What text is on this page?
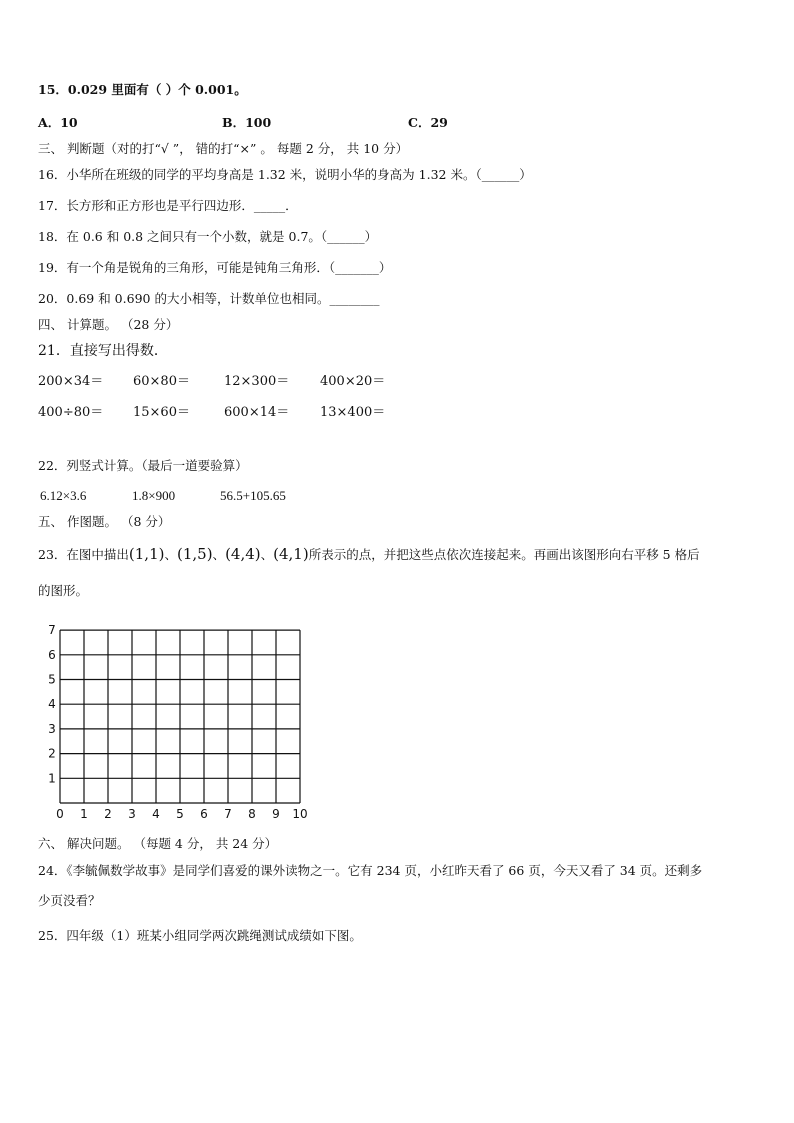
15．0.029 里面有（ ）个 0.001。
A．10	B．100	C．29
三、 判断题（对的打“√ ”， 错的打“×” 。 每题 2 分， 共 10 分）
16．小华所在班级的同学的平均身高是 1.32 米，说明小华的身高为 1.32 米。（______）
17．长方形和正方形也是平行四边形．_____．
18．在 0.6 和 0.8 之间只有一个小数，就是 0.7。（______）
19．有一个角是锐角的三角形，可能是钝角三角形．（_______）
20．0.69 和 0.690 的大小相等，计数单位也相同。________
四、 计算题。 （28 分）
21．直接写出得数．
200×34＝ 60×80＝	12×300＝ 400×20＝
400÷80＝ 15×60＝	600×14＝ 13×400＝
22．列竖式计算。（最后一道要验算）
6.12×3.6	1.8×900	56.5+105.65
五、 作图题。 （8 分）
23．在图中描出(1,1)、(1,5)、(4,4)、(4,1)所表示的点，并把这些点依次连接起来。再画出该图形向右平移 5 格后
的图形。
0 1 2 3 4 5 6 7 8 9 10
1
2
3
4
5
6
7
六、 解决问题。 （每题 4 分， 共 24 分）
24．《李毓佩数学故事》是同学们喜爱的课外读物之一。它有 234 页，小红昨天看了 66 页，今天又看了 34 页。还剩多
少页没看？
25．四年级（1）班某小组同学两次跳绳测试成绩如下图。
